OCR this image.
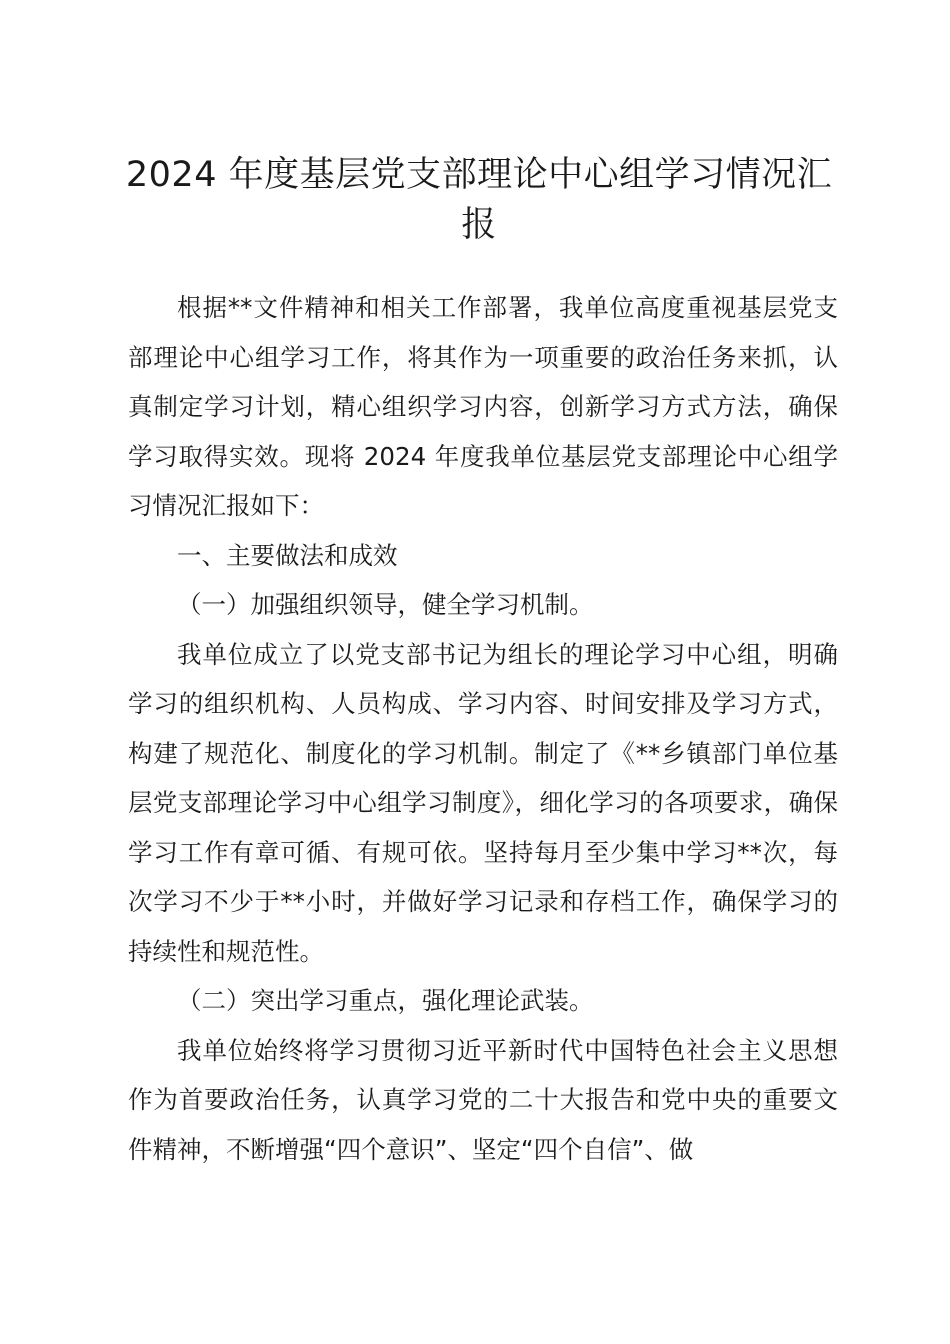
2024 年度基层党支部理论中心组学习情况汇报

根据**文件精神和相关工作部署，我单位高度重视基层党支部理论中心组学习工作，将其作为一项重要的政治任务来抓，认真制定学习计划，精心组织学习内容，创新学习方式方法，确保学习取得实效。现将 2024 年度我单位基层党支部理论中心组学习情况汇报如下：

一、主要做法和成效

（一）加强组织领导，健全学习机制。

我单位成立了以党支部书记为组长的理论学习中心组，明确学习的组织机构、人员构成、学习内容、时间安排及学习方式，构建了规范化、制度化的学习机制。制定了《**乡镇部门单位基层党支部理论学习中心组学习制度》，细化学习的各项要求，确保学习工作有章可循、有规可依。坚持每月至少集中学习**次，每次学习不少于**小时，并做好学习记录和存档工作，确保学习的持续性和规范性。

（二）突出学习重点，强化理论武装。

我单位始终将学习贯彻习近平新时代中国特色社会主义思想作为首要政治任务，认真学习党的二十大报告和党中央的重要文件精神，不断增强“四个意识”、坚定“四个自信”、做
